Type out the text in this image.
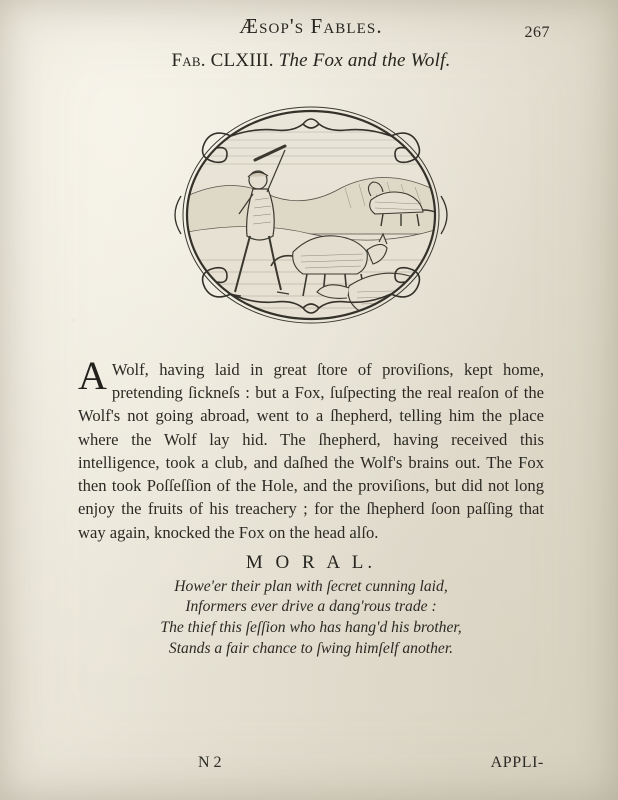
Æsop's Fables.	267
Fab. CLXIII. The Fox and the Wolf.
A Wolf, having laid in great ſtore of proviſions, kept home, pretending ſickneſs : but a Fox, ſuſpecting the real reaſon of the Wolf's not going abroad, went to a ſhepherd, telling him the place where the Wolf lay hid. The ſhepherd, having received this intelligence, took a club, and daſhed the Wolf's brains out. The Fox then took Poſſeſſion of the Hole, and the proviſions, but did not long enjoy the fruits of his treachery ; for the ſhepherd ſoon paſſing that way again, knocked the Fox on the head alſo.
M O R A L.
Howe'er their plan with ſecret cunning laid,
Informers ever drive a dang'rous trade :
The thief this ſeſſion who has hang'd his brother,
Stands a fair chance to ſwing himſelf another.
N 2	APPLI-
